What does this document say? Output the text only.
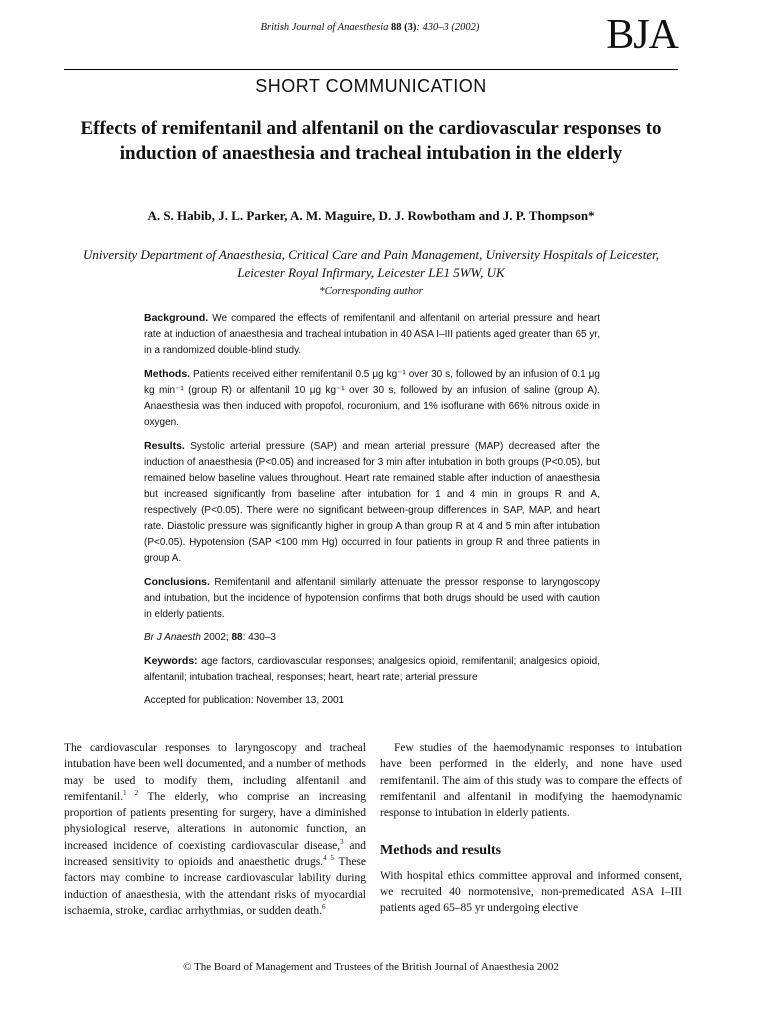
British Journal of Anaesthesia 88 (3): 430–3 (2002)	BJA
SHORT COMMUNICATION
Effects of remifentanil and alfentanil on the cardiovascular responses to induction of anaesthesia and tracheal intubation in the elderly
A. S. Habib, J. L. Parker, A. M. Maguire, D. J. Rowbotham and J. P. Thompson*
University Department of Anaesthesia, Critical Care and Pain Management, University Hospitals of Leicester, Leicester Royal Infirmary, Leicester LE1 5WW, UK
*Corresponding author

Background. We compared the effects of remifentanil and alfentanil on arterial pressure and heart rate at induction of anaesthesia and tracheal intubation in 40 ASA I–III patients aged greater than 65 yr, in a randomized double-blind study.

Methods. Patients received either remifentanil 0.5 μg kg⁻¹ over 30 s, followed by an infusion of 0.1 μg kg min⁻¹ (group R) or alfentanil 10 μg kg⁻¹ over 30 s, followed by an infusion of saline (group A). Anaesthesia was then induced with propofol, rocuronium, and 1% isoflurane with 66% nitrous oxide in oxygen.

Results. Systolic arterial pressure (SAP) and mean arterial pressure (MAP) decreased after the induction of anaesthesia (P<0.05) and increased for 3 min after intubation in both groups (P<0.05), but remained below baseline values throughout. Heart rate remained stable after induction of anaesthesia but increased significantly from baseline after intubation for 1 and 4 min in groups R and A, respectively (P<0.05). There were no significant between-group differences in SAP, MAP, and heart rate. Diastolic pressure was significantly higher in group A than group R at 4 and 5 min after intubation (P<0.05). Hypotension (SAP <100 mm Hg) occurred in four patients in group R and three patients in group A.

Conclusions. Remifentanil and alfentanil similarly attenuate the pressor response to laryngoscopy and intubation, but the incidence of hypotension confirms that both drugs should be used with caution in elderly patients.

Br J Anaesth 2002; 88: 430–3

Keywords: age factors, cardiovascular responses; analgesics opioid, remifentanil; analgesics opioid, alfentanil; intubation tracheal, responses; heart, heart rate; arterial pressure

Accepted for publication: November 13, 2001

The cardiovascular responses to laryngoscopy and tracheal intubation have been well documented, and a number of methods may be used to modify them, including alfentanil and remifentanil.$^{1 2}$ The elderly, who comprise an increasing proportion of patients presenting for surgery, have a diminished physiological reserve, alterations in autonomic function, an increased incidence of coexisting cardiovascular disease,$^3$ and increased sensitivity to opioids and anaesthetic drugs.$^{4 5}$ These factors may combine to increase cardiovascular lability during induction of anaesthesia, with the attendant risks of myocardial ischaemia, stroke, cardiac arrhythmias, or sudden death.$^6$

Few studies of the haemodynamic responses to intubation have been performed in the elderly, and none have used remifentanil. The aim of this study was to compare the effects of remifentanil and alfentanil in modifying the haemodynamic response to intubation in elderly patients.

Methods and results

With hospital ethics committee approval and informed consent, we recruited 40 normotensive, non-premedicated ASA I–III patients aged 65–85 yr undergoing elective

© The Board of Management and Trustees of the British Journal of Anaesthesia 2002
